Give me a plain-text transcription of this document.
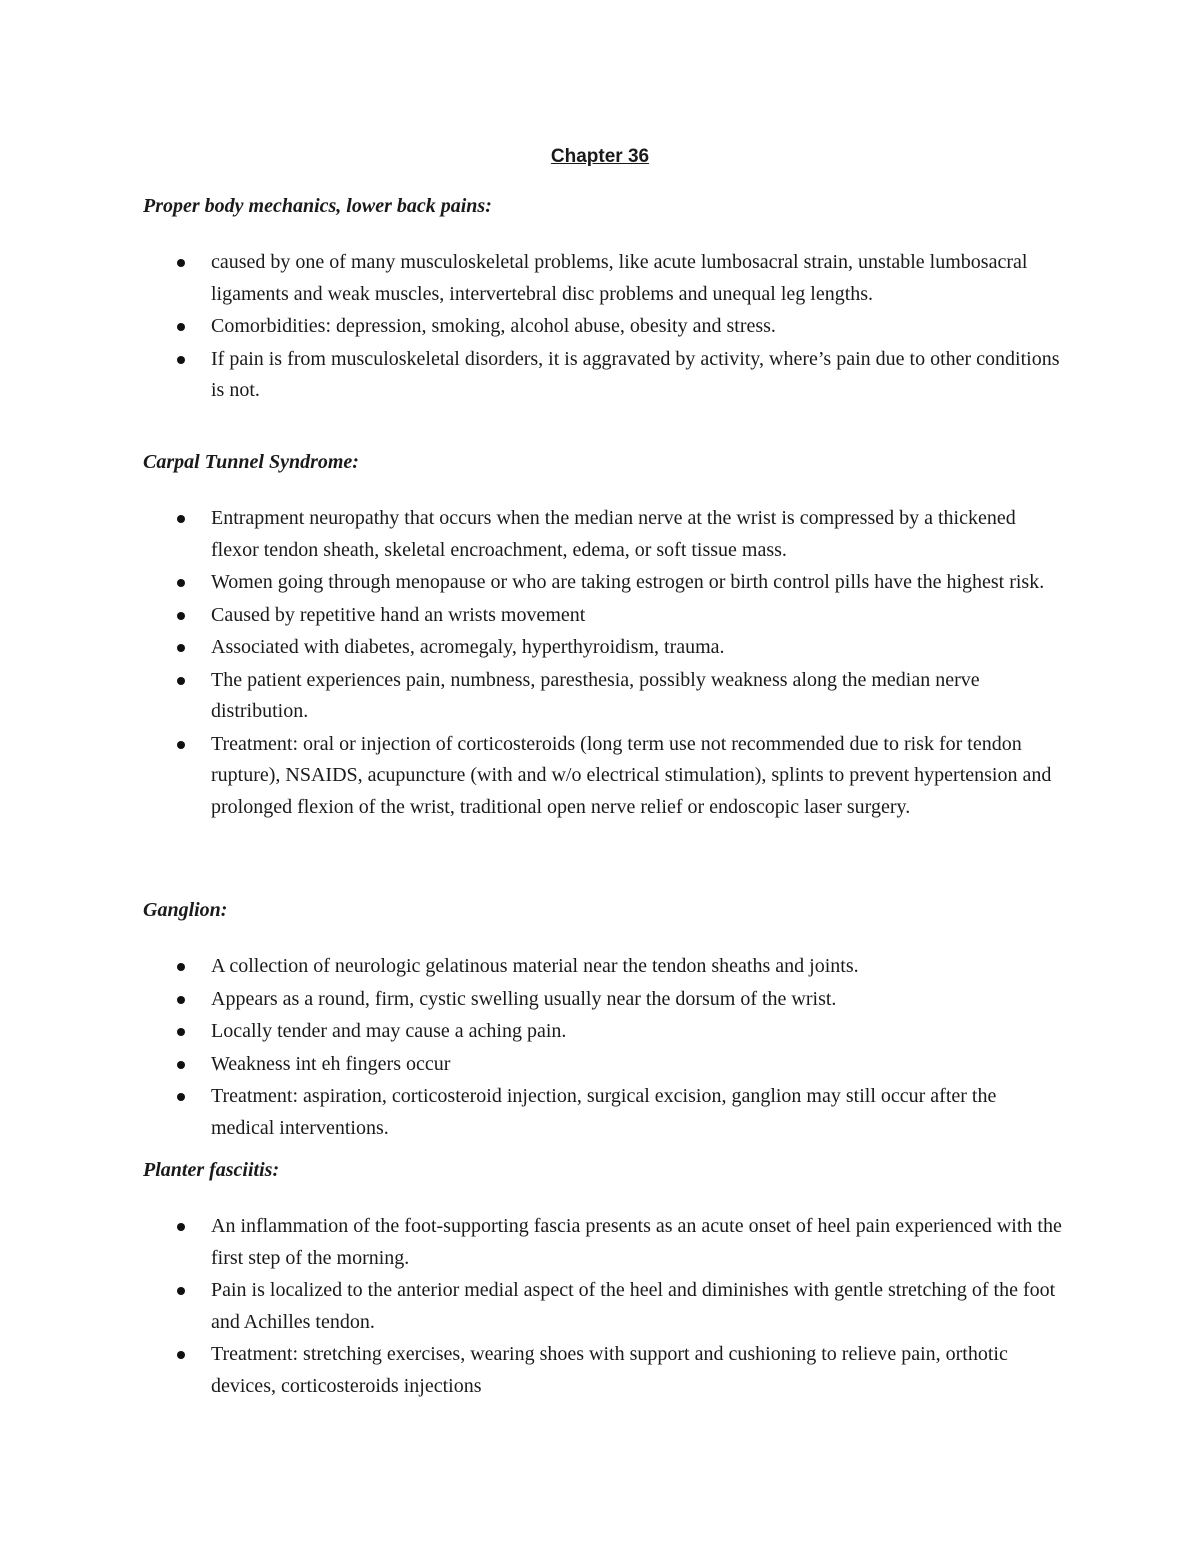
Chapter 36

Proper body mechanics, lower back pains:

caused by one of many musculoskeletal problems, like acute lumbosacral strain, unstable lumbosacral ligaments and weak muscles, intervertebral disc problems and unequal leg lengths.
Comorbidities: depression, smoking, alcohol abuse, obesity and stress.
If pain is from musculoskeletal disorders, it is aggravated by activity, where’s pain due to other conditions is not.

Carpal Tunnel Syndrome:

Entrapment neuropathy that occurs when the median nerve at the wrist is compressed by a thickened flexor tendon sheath, skeletal encroachment, edema, or soft tissue mass.
Women going through menopause or who are taking estrogen or birth control pills have the highest risk.
Caused by repetitive hand an wrists movement
Associated with diabetes, acromegaly, hyperthyroidism, trauma.
The patient experiences pain, numbness, paresthesia, possibly weakness along the median nerve distribution.
Treatment: oral or injection of corticosteroids (long term use not recommended due to risk for tendon rupture), NSAIDS, acupuncture (with and w/o electrical stimulation), splints to prevent hypertension and prolonged flexion of the wrist, traditional open nerve relief or endoscopic laser surgery.

Ganglion:

A collection of neurologic gelatinous material near the tendon sheaths and joints.
Appears as a round, firm, cystic swelling usually near the dorsum of the wrist.
Locally tender and may cause a aching pain.
Weakness int eh fingers occur
Treatment: aspiration, corticosteroid injection, surgical excision, ganglion may still occur after the medical interventions.

Planter fasciitis:

An inflammation of the foot-supporting fascia presents as an acute onset of heel pain experienced with the first step of the morning.
Pain is localized to the anterior medial aspect of the heel and diminishes with gentle stretching of the foot and Achilles tendon.
Treatment: stretching exercises, wearing shoes with support and cushioning to relieve pain, orthotic devices, corticosteroids injections
